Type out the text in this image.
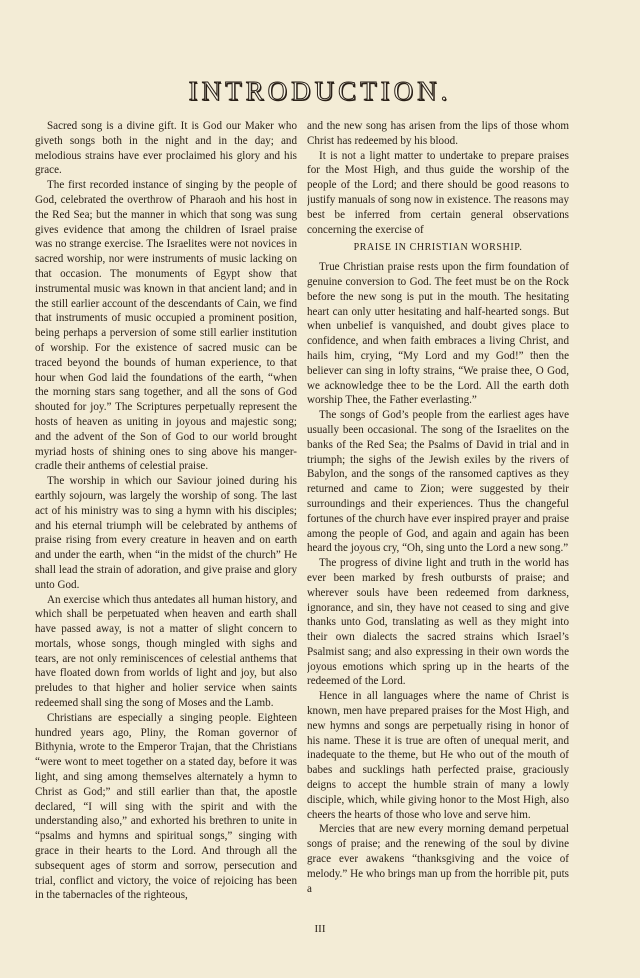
INTRODUCTION.

Sacred song is a divine gift. It is God our Maker who giveth songs both in the night and in the day; and melodious strains have ever proclaimed his glory and his grace.

The first recorded instance of singing by the people of God, celebrated the overthrow of Pharaoh and his host in the Red Sea; but the manner in which that song was sung gives evidence that among the children of Israel praise was no strange exercise. The Israelites were not novices in sacred worship, nor were instruments of music lacking on that occasion. The monuments of Egypt show that instrumental music was known in that ancient land; and in the still earlier account of the descendants of Cain, we find that instruments of music occupied a prominent position, being perhaps a perversion of some still earlier institution of worship. For the existence of sacred music can be traced beyond the bounds of human experience, to that hour when God laid the foundations of the earth, “when the morning stars sang together, and all the sons of God shouted for joy.” The Scriptures perpetually represent the hosts of heaven as uniting in joyous and majestic song; and the advent of the Son of God to our world brought myriad hosts of shining ones to sing above his manger-cradle their anthems of celestial praise.

The worship in which our Saviour joined during his earthly sojourn, was largely the worship of song. The last act of his ministry was to sing a hymn with his disciples; and his eternal triumph will be celebrated by anthems of praise rising from every creature in heaven and on earth and under the earth, when “in the midst of the church” He shall lead the strain of adoration, and give praise and glory unto God.

An exercise which thus antedates all human history, and which shall be perpetuated when heaven and earth shall have passed away, is not a matter of slight concern to mortals, whose songs, though mingled with sighs and tears, are not only reminiscences of celestial anthems that have floated down from worlds of light and joy, but also preludes to that higher and holier service when saints redeemed shall sing the song of Moses and the Lamb.

Christians are especially a singing people. Eighteen hundred years ago, Pliny, the Roman governor of Bithynia, wrote to the Emperor Trajan, that the Christians “were wont to meet together on a stated day, before it was light, and sing among themselves alternately a hymn to Christ as God;” and still earlier than that, the apostle declared, “I will sing with the spirit and with the understanding also,” and exhorted his brethren to unite in “psalms and hymns and spiritual songs,” singing with grace in their hearts to the Lord. And through all the subsequent ages of storm and sorrow, persecution and trial, conflict and victory, the voice of rejoicing has been in the tabernacles of the righteous,

and the new song has arisen from the lips of those whom Christ has redeemed by his blood.

It is not a light matter to undertake to prepare praises for the Most High, and thus guide the worship of the people of the Lord; and there should be good reasons to justify manuals of song now in existence. The reasons may best be inferred from certain general observations concerning the exercise of

PRAISE IN CHRISTIAN WORSHIP.

True Christian praise rests upon the firm foundation of genuine conversion to God. The feet must be on the Rock before the new song is put in the mouth. The hesitating heart can only utter hesitating and half-hearted songs. But when unbelief is vanquished, and doubt gives place to confidence, and when faith embraces a living Christ, and hails him, crying, “My Lord and my God!” then the believer can sing in lofty strains, “We praise thee, O God, we acknowledge thee to be the Lord. All the earth doth worship Thee, the Father everlasting.”

The songs of God’s people from the earliest ages have usually been occasional. The song of the Israelites on the banks of the Red Sea; the Psalms of David in trial and in triumph; the sighs of the Jewish exiles by the rivers of Babylon, and the songs of the ransomed captives as they returned and came to Zion; were suggested by their surroundings and their experiences. Thus the changeful fortunes of the church have ever inspired prayer and praise among the people of God, and again and again has been heard the joyous cry, “Oh, sing unto the Lord a new song.”

The progress of divine light and truth in the world has ever been marked by fresh outbursts of praise; and wherever souls have been redeemed from darkness, ignorance, and sin, they have not ceased to sing and give thanks unto God, translating as well as they might into their own dialects the sacred strains which Israel’s Psalmist sang; and also expressing in their own words the joyous emotions which spring up in the hearts of the redeemed of the Lord.

Hence in all languages where the name of Christ is known, men have prepared praises for the Most High, and new hymns and songs are perpetually rising in honor of his name. These it is true are often of unequal merit, and inadequate to the theme, but He who out of the mouth of babes and sucklings hath perfected praise, graciously deigns to accept the humble strain of many a lowly disciple, which, while giving honor to the Most High, also cheers the hearts of those who love and serve him.

Mercies that are new every morning demand perpetual songs of praise; and the renewing of the soul by divine grace ever awakens “thanksgiving and the voice of melody.” He who brings man up from the horrible pit, puts a

III
